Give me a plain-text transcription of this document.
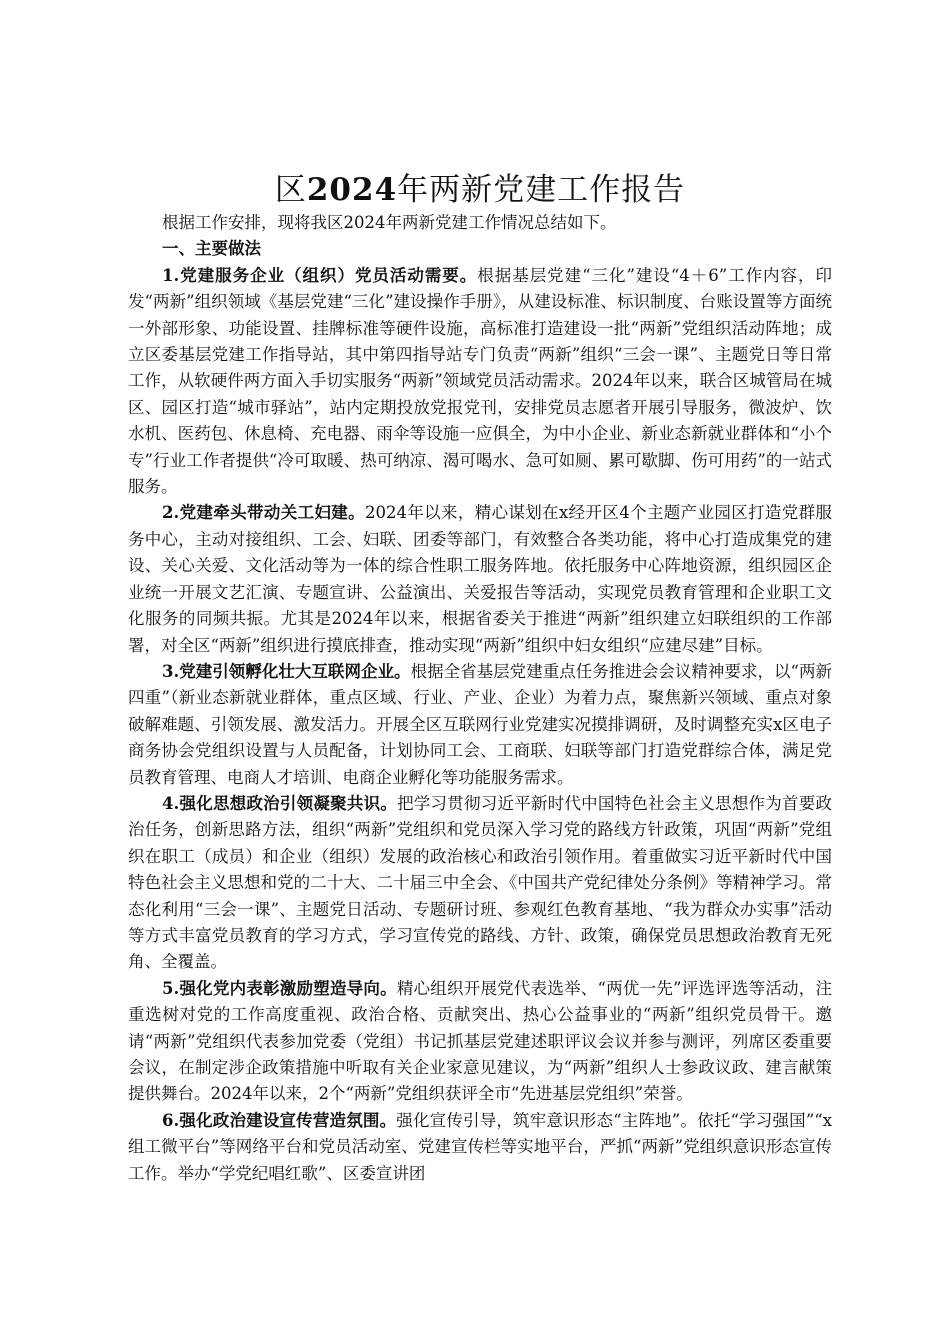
区2024年两新党建工作报告

根据工作安排，现将我区2024年两新党建工作情况总结如下。

一、主要做法

1.党建服务企业（组织）党员活动需要。根据基层党建“三化”建设“4＋6”工作内容，印发“两新”组织领域《基层党建“三化”建设操作手册》，从建设标准、标识制度、台账设置等方面统一外部形象、功能设置、挂牌标准等硬件设施，高标准打造建设一批“两新”党组织活动阵地；成立区委基层党建工作指导站，其中第四指导站专门负责“两新”组织“三会一课”、主题党日等日常工作，从软硬件两方面入手切实服务“两新”领域党员活动需求。2024年以来，联合区城管局在城区、园区打造“城市驿站”，站内定期投放党报党刊，安排党员志愿者开展引导服务，微波炉、饮水机、医药包、休息椅、充电器、雨伞等设施一应俱全，为中小企业、新业态新就业群体和“小个专”行业工作者提供“冷可取暖、热可纳凉、渴可喝水、急可如厕、累可歇脚、伤可用药”的一站式服务。

2.党建牵头带动关工妇建。2024年以来，精心谋划在x经开区4个主题产业园区打造党群服务中心，主动对接组织、工会、妇联、团委等部门，有效整合各类功能，将中心打造成集党的建设、关心关爱、文化活动等为一体的综合性职工服务阵地。依托服务中心阵地资源，组织园区企业统一开展文艺汇演、专题宣讲、公益演出、关爱报告等活动，实现党员教育管理和企业职工文化服务的同频共振。尤其是2024年以来，根据省委关于推进“两新”组织建立妇联组织的工作部署，对全区“两新”组织进行摸底排查，推动实现“两新”组织中妇女组织“应建尽建”目标。

3.党建引领孵化壮大互联网企业。根据全省基层党建重点任务推进会会议精神要求，以“两新四重”（新业态新就业群体，重点区域、行业、产业、企业）为着力点，聚焦新兴领域、重点对象破解难题、引领发展、激发活力。开展全区互联网行业党建实况摸排调研，及时调整充实x区电子商务协会党组织设置与人员配备，计划协同工会、工商联、妇联等部门打造党群综合体，满足党员教育管理、电商人才培训、电商企业孵化等功能服务需求。

4.强化思想政治引领凝聚共识。把学习贯彻习近平新时代中国特色社会主义思想作为首要政治任务，创新思路方法，组织“两新”党组织和党员深入学习党的路线方针政策，巩固“两新”党组织在职工（成员）和企业（组织）发展的政治核心和政治引领作用。着重做实习近平新时代中国特色社会主义思想和党的二十大、二十届三中全会、《中国共产党纪律处分条例》等精神学习。常态化利用“三会一课”、主题党日活动、专题研讨班、参观红色教育基地、“我为群众办实事”活动等方式丰富党员教育的学习方式，学习宣传党的路线、方针、政策，确保党员思想政治教育无死角、全覆盖。

5.强化党内表彰激励塑造导向。精心组织开展党代表选举、“两优一先”评选评选等活动，注重选树对党的工作高度重视、政治合格、贡献突出、热心公益事业的“两新”组织党员骨干。邀请“两新”党组织代表参加党委（党组）书记抓基层党建述职评议会议并参与测评，列席区委重要会议，在制定涉企政策措施中听取有关企业家意见建议，为“两新”组织人士参政议政、建言献策提供舞台。2024年以来，2个“两新”党组织获评全市“先进基层党组织”荣誉。

6.强化政治建设宣传营造氛围。强化宣传引导，筑牢意识形态“主阵地”。依托“学习强国”“x组工微平台”等网络平台和党员活动室、党建宣传栏等实地平台，严抓“两新”党组织意识形态宣传工作。举办“学党纪唱红歌”、区委宣讲团
